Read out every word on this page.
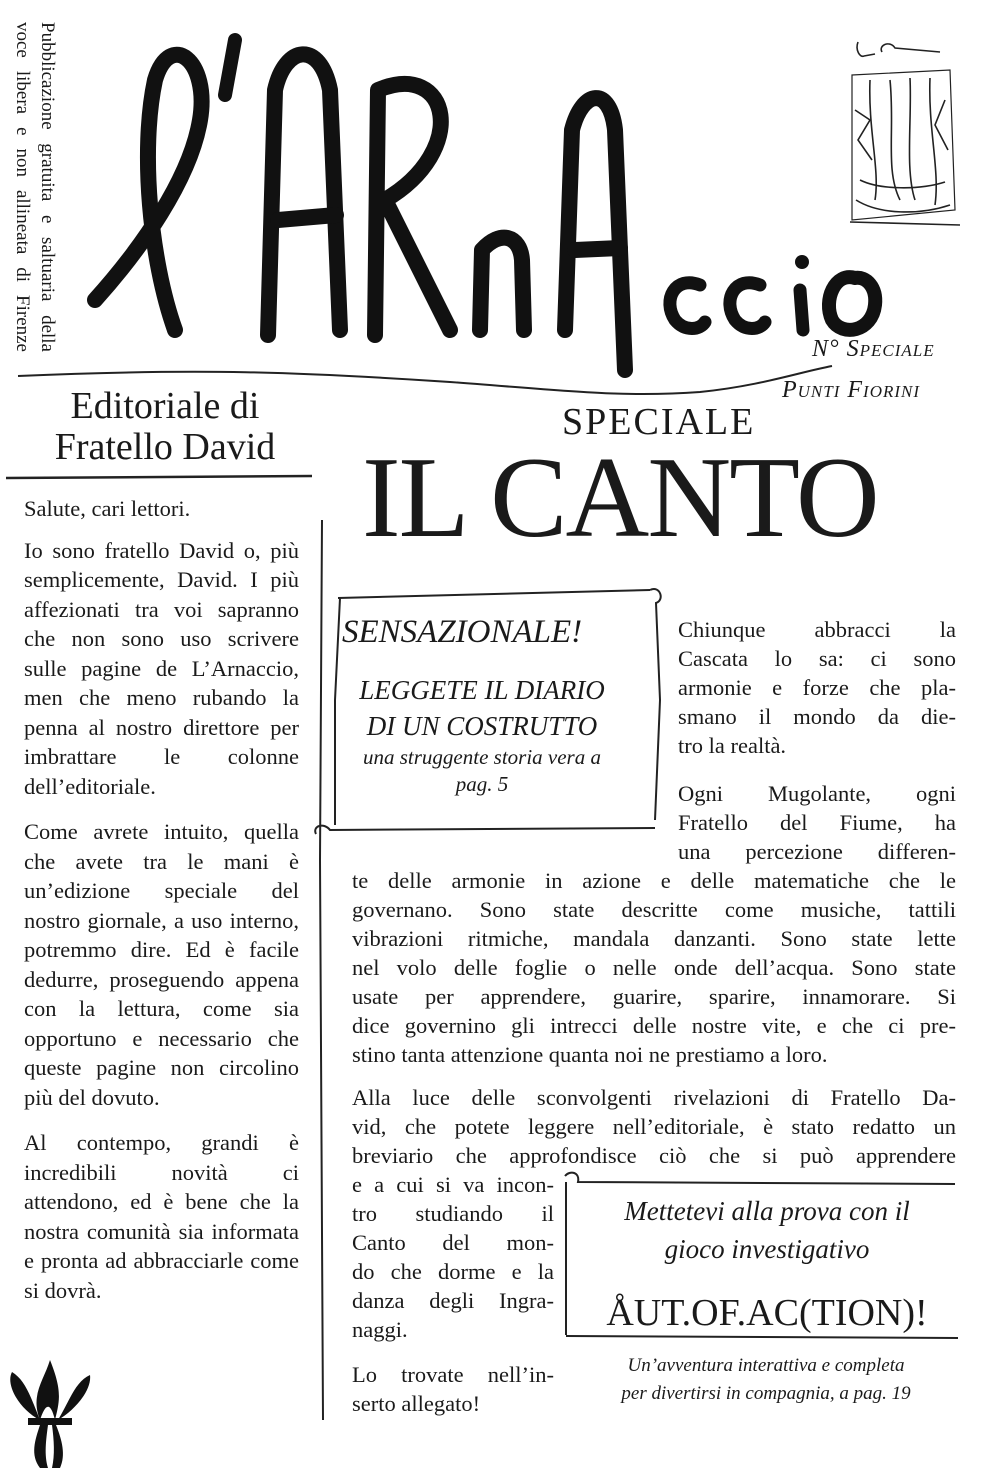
Pubblicazione gratuita e saltuaria della
voce libera e non allineata di Firenze	N° Speciale
Punti Fiorini
Editoriale di
Fratello David
SPECIALE
IL CANTO

Salute, cari lettori.

Io sono fratello David o, più semplicemente, David. I più affezionati tra voi sapranno che non sono uso scrivere sulle pagine de L’Arnaccio, men che meno rubando la penna al nostro direttore per imbrattare le colonne dell’editoriale.

Come avrete intuito, quella che avete tra le mani è un’edizione speciale del nostro giornale, a uso interno, potremmo dire. Ed è facile dedurre, proseguendo appena con la lettura, come sia opportuno e necessario che queste pagine non circolino più del dovuto.

Al contempo, grandi è incredibili novità ci attendono, ed è bene che la nostra comunità sia informata e pronta ad abbracciarle come si dovrà.

SENSAZIONALE!
LEGGETE IL DIARIO
DI UN COSTRUTTO
una struggente storia vera a
pag. 5
Chiunque abbracci la
Cascata lo sa: ci sono
armonie e forze che pla-
smano il mondo da die-
tro la realtà.
Ogni Mugolante, ogni
Fratello del Fiume, ha
una percezione differen-
te delle armonie in azione e delle matematiche che le
governano. Sono state descritte come musiche, tattili
vibrazioni ritmiche, mandala danzanti. Sono state lette
nel volo delle foglie o nelle onde dell’acqua. Sono state
usate per apprendere, guarire, sparire, innamorare. Si
dice governino gli intrecci delle nostre vite, e che ci pre-
stino tanta attenzione quanta noi ne prestiamo a loro.
Alla luce delle sconvolgenti rivelazioni di Fratello Da-
vid, che potete leggere nell’editoriale, è stato redatto un
breviario che approfondisce ciò che si può apprendere
e a cui si va incon-
tro studiando il
Canto del mon-
do che dorme e la
danza degli Ingra-
naggi.
Lo trovate nell’in-
serto allegato!
Mettetevi alla prova con il
gioco investigativo
ÅUT.OF.AC(TION)!
Un’avventura interattiva e completa
per divertirsi in compagnia, a pag. 19
